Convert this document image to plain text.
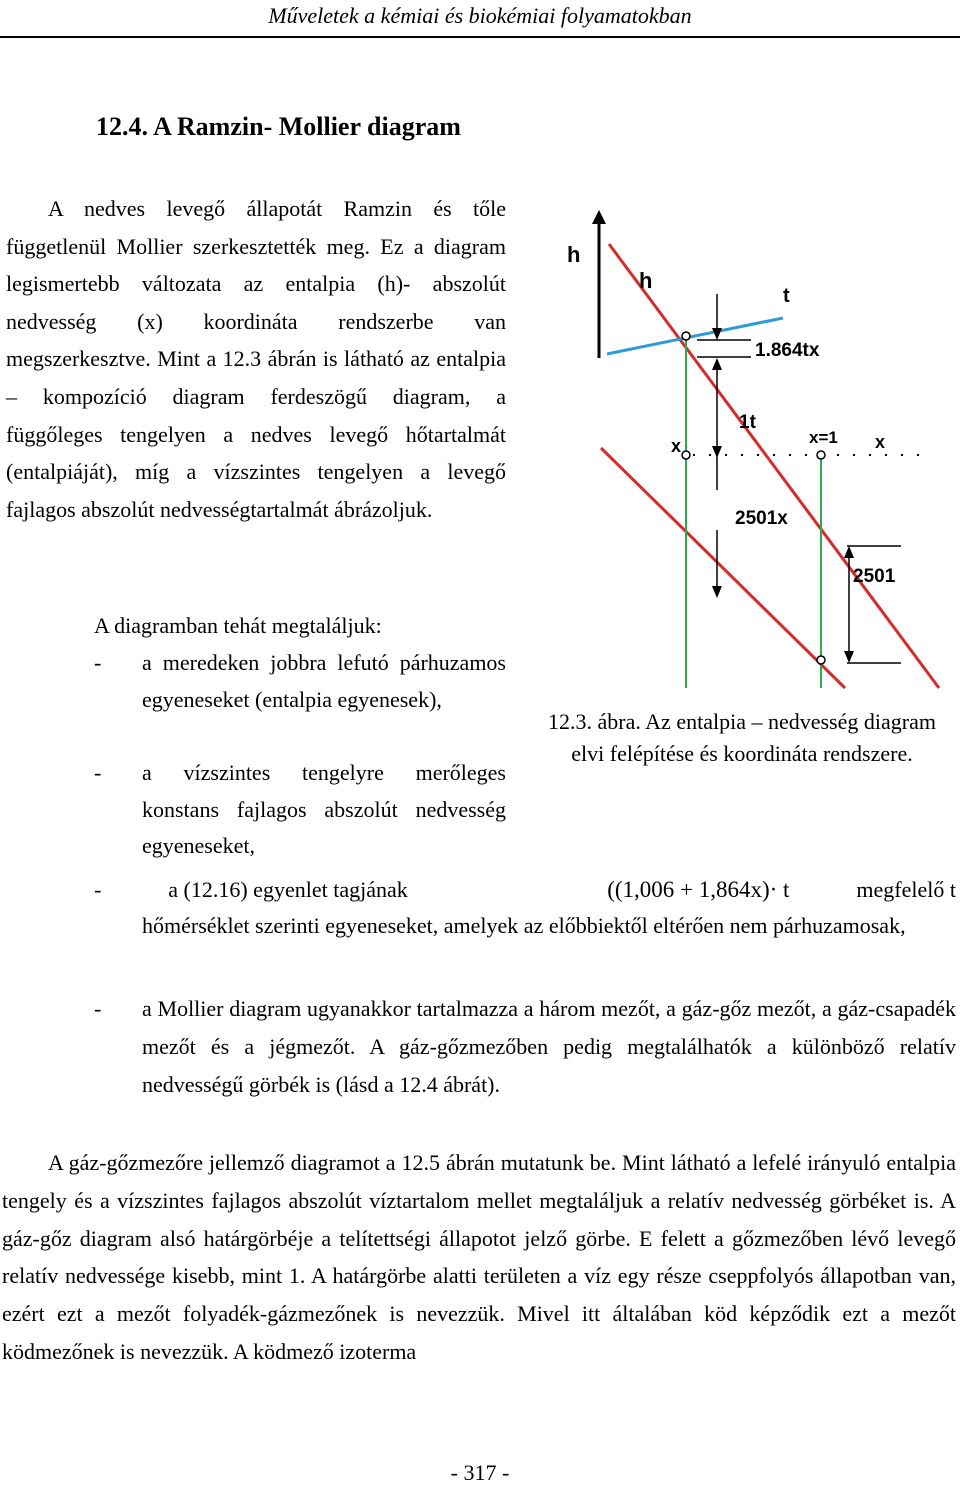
Műveletek a kémiai és biokémiai folyamatokban
12.4. A Ramzin- Mollier diagram

A nedves levegő állapotát Ramzin és tőle függetlenül Mollier szerkesztették meg. Ez a diagram legismertebb változata az entalpia (h)- abszolút nedvesség (x) koordináta rendszerbe van megszerkesztve. Mint a 12.3 ábrán is látható az entalpia – kompozíció diagram ferdeszögű diagram, a függőleges tengelyen a nedves levegő hőtartalmát (entalpiáját), míg a vízszintes tengelyen a levegő fajlagos abszolút nedvességtartalmát ábrázoljuk.

A diagramban tehát megtaláljuk:
- a meredeken jobbra lefutó párhuzamos egyeneseket (entalpia egyenesek),
- a vízszintes tengelyre merőleges konstans fajlagos abszolút nedvesség egyeneseket,
-	a (12.16) egyenlet tagjának	((1,006 + 1,864x)· t	megfelelő t
hőmérséklet szerinti egyeneseket, amelyek az előbbiektől eltérően nem párhuzamosak,
- a Mollier diagram ugyanakkor tartalmazza a három mezőt, a gáz-gőz mezőt, a gáz-csapadék mezőt és a jégmezőt. A gáz-gőzmezőben pedig megtalálhatók a különböző relatív nedvességű görbék is (lásd a 12.4 ábrát).

A gáz-gőzmezőre jellemző diagramot a 12.5 ábrán mutatunk be. Mint látható a lefelé irányuló entalpia tengely és a vízszintes fajlagos abszolút víztartalom mellet megtaláljuk a relatív nedvesség görbéket is. A gáz-gőz diagram alsó határgörbéje a telítettségi állapotot jelző görbe. E felett a gőzmezőben lévő levegő relatív nedvessége kisebb, mint 1. A határgörbe alatti területen a víz egy része cseppfolyós állapotban van, ezért ezt a mezőt folyadék-gázmezőnek is nevezzük. Mivel itt általában köd képződik ezt a mezőt ködmezőnek is nevezzük. A ködmező izoterma

h
h
t
1.864tx
x
1t
x=1 x
2501x
2501
12.3. ábra. Az entalpia – nedvesség diagram elvi felépítése és koordináta rendszere.
- 317 -
